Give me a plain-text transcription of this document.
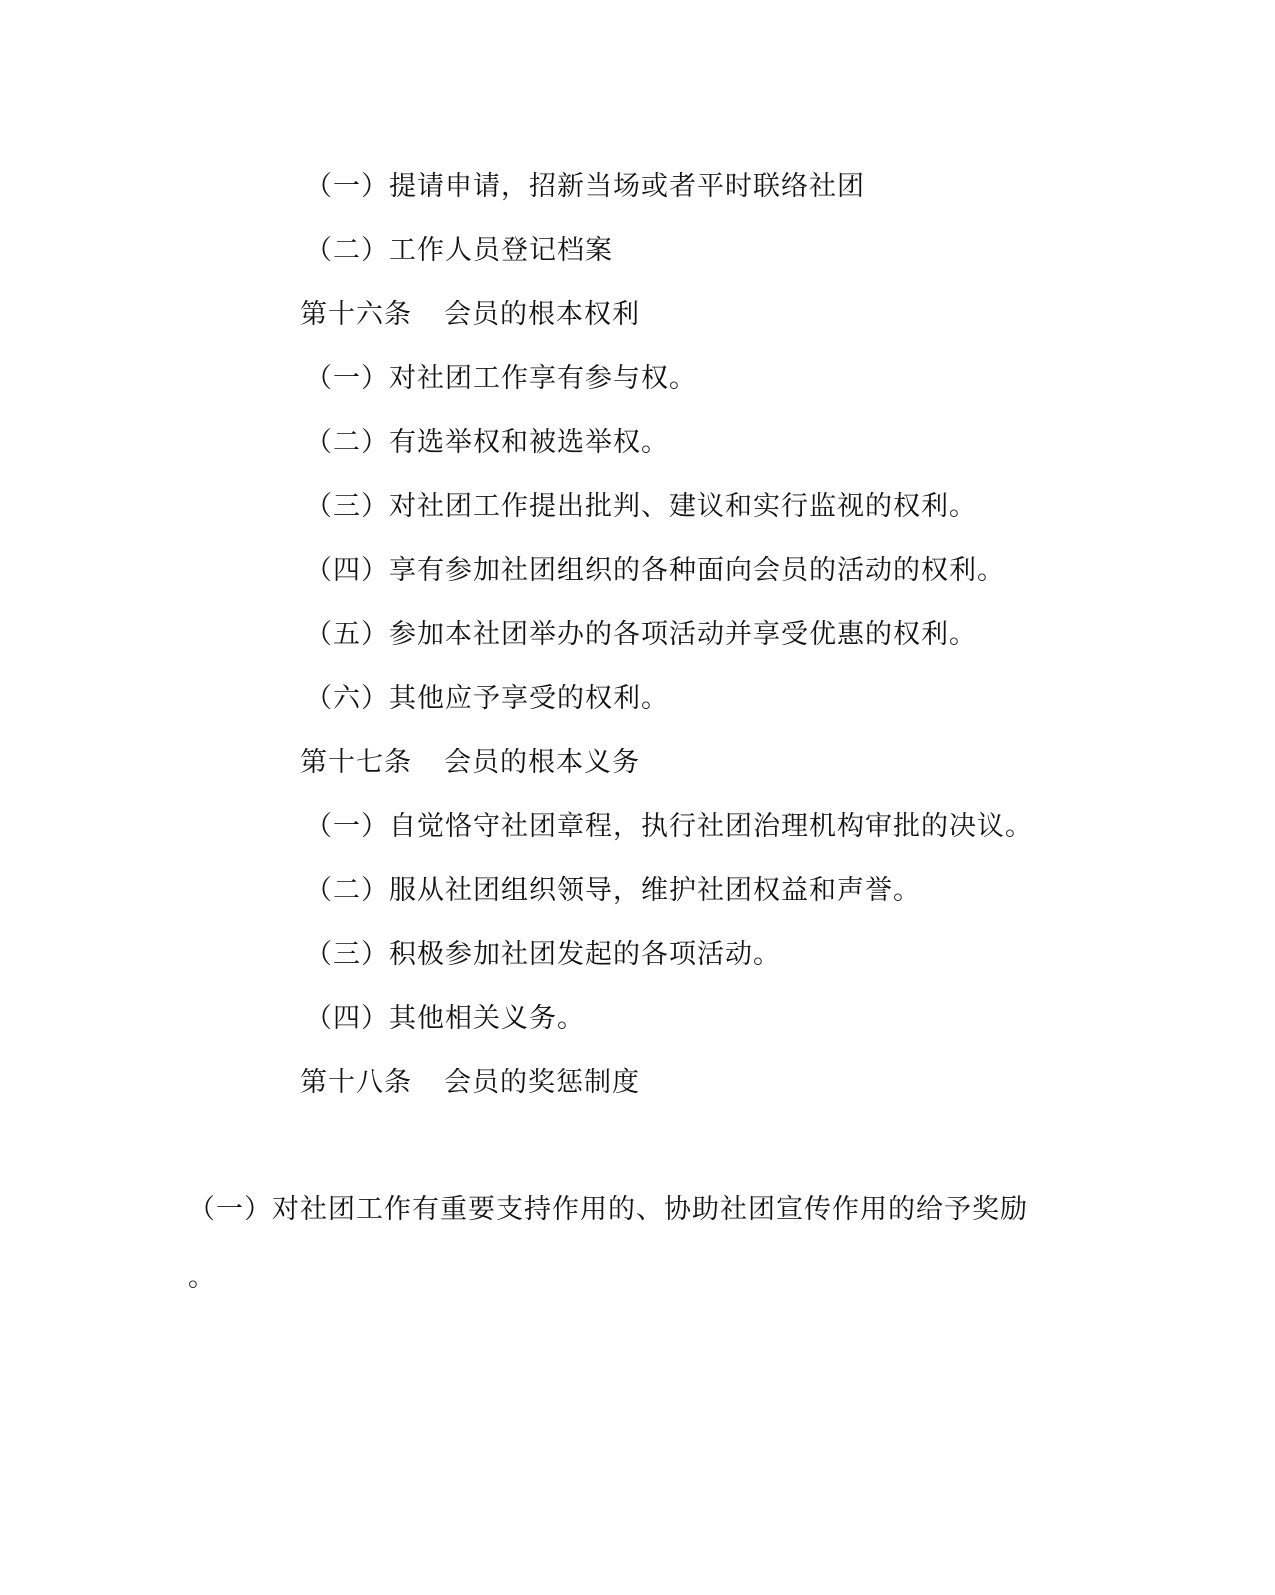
（一）提请申请，招新当场或者平时联络社团
（二）工作人员登记档案
第十六条 会员的根本权利
（一）对社团工作享有参与权。
（二）有选举权和被选举权。
（三）对社团工作提出批判、建议和实行监视的权利。
（四）享有参加社团组织的各种面向会员的活动的权利。
（五）参加本社团举办的各项活动并享受优惠的权利。
（六）其他应予享受的权利。
第十七条 会员的根本义务
（一）自觉恪守社团章程，执行社团治理机构审批的决议。
（二）服从社团组织领导，维护社团权益和声誉。
（三）积极参加社团发起的各项活动。
（四）其他相关义务。
第十八条 会员的奖惩制度
（一）对社团工作有重要支持作用的、协助社团宣传作用的给予奖励
。
